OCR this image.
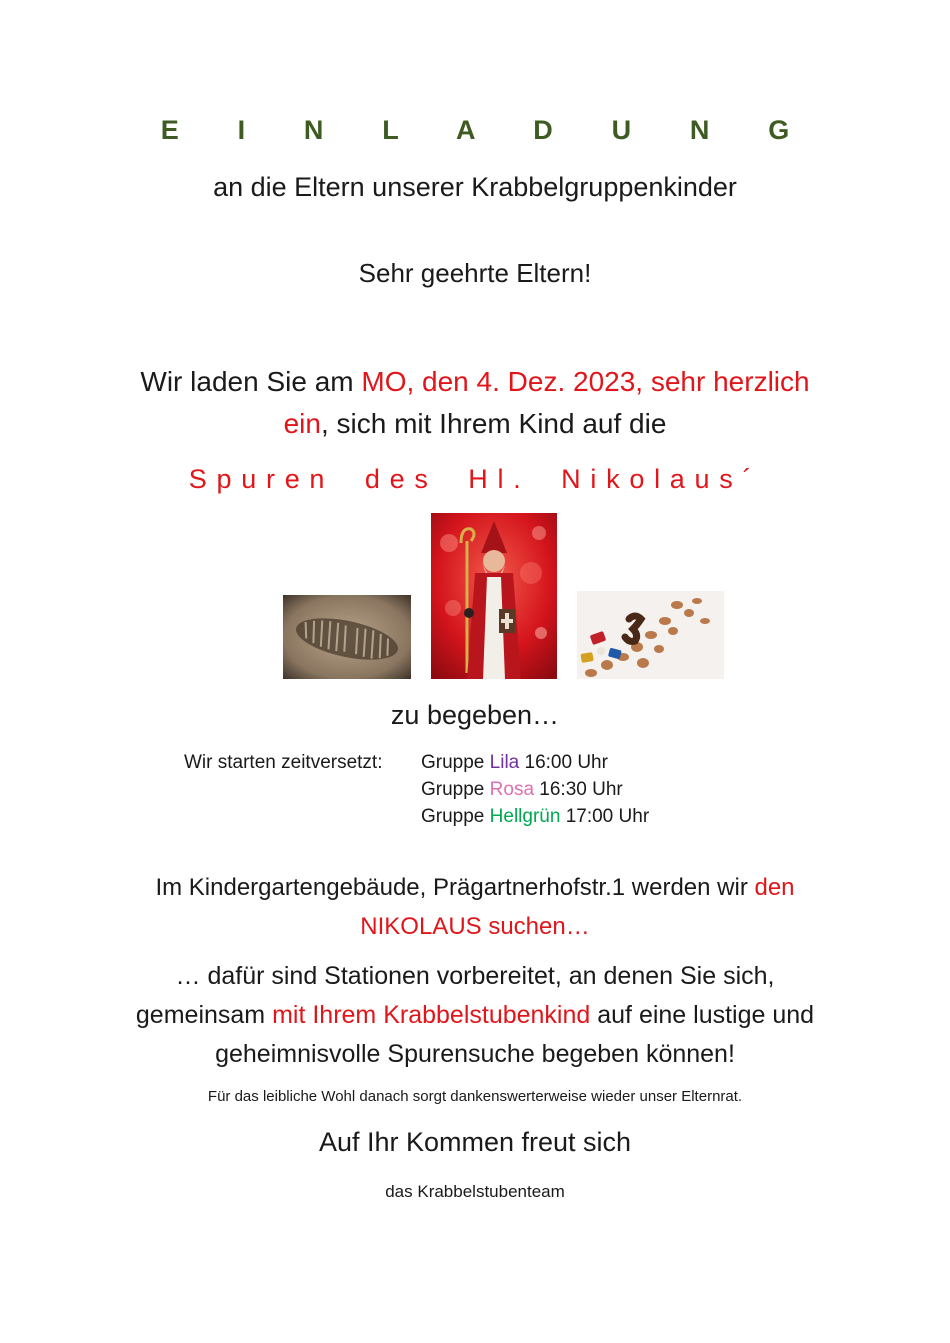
E I N L A D U N G
an die Eltern unserer Krabbelgruppenkinder
Sehr geehrte Eltern!
Wir laden Sie am MO, den 4. Dez. 2023, sehr herzlich
ein, sich mit Ihrem Kind auf die
Spuren des Hl. Nikolaus´
zu begeben…
Wir starten zeitversetzt: Gruppe Lila 16:00 Uhr
Gruppe Rosa 16:30 Uhr
Gruppe Hellgrün 17:00 Uhr
Im Kindergartengebäude, Prägartnerhofstr.1 werden wir den
NIKOLAUS suchen…
… dafür sind Stationen vorbereitet, an denen Sie sich,
gemeinsam mit Ihrem Krabbelstubenkind auf eine lustige und
geheimnisvolle Spurensuche begeben können!
Für das leibliche Wohl danach sorgt dankenswerterweise wieder unser Elternrat.
Auf Ihr Kommen freut sich
das Krabbelstubenteam
